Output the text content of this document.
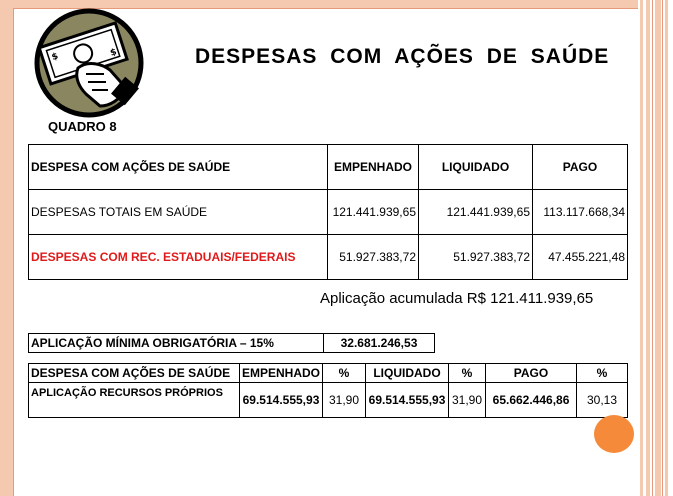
$	$	DESPESAS COM AÇÕES DE SAÚDE
QUADRO 8
DESPESA COM AÇÕES DE SAÚDE	EMPENHADO	LIQUIDADO	PAGO
DESPESAS TOTAIS EM SAÚDE	121.441.939,65	121.441.939,65	113.117.668,34
DESPESAS COM REC. ESTADUAIS/FEDERAIS	51.927.383,72	51.927.383,72	47.455.221,48
Aplicação acumulada R$ 121.411.939,65
APLICAÇÃO MÍNIMA OBRIGATÓRIA – 15%	32.681.246,53
DESPESA COM AÇÕES DE SAÚDE	EMPENHADO	%	LIQUIDADO	%	PAGO	%
APLICAÇÃO RECURSOS PRÓPRIOS	69.514.555,93	31,90	69.514.555,93	31,90	65.662.446,86	30,13
